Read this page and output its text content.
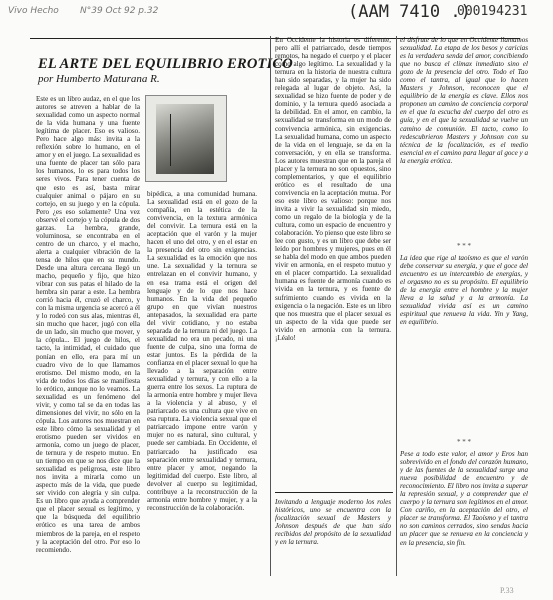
Vivo Hecho N°39 Oct 92 p.32	(AAM 7410 .)
000194231
EL ARTE DEL EQUILIBRIO EROTICO
por Humberto Maturana R.
Este es un libro audaz, en el que los autores se atreven a hablar de la sexualidad como un aspecto normal de la vida humana y una fuente legítima de placer. Eso es valioso. Pero hace algo más: invita a la reflexión sobre lo humano, en el amor y en el juego. La sexualidad es una fuente de placer tan sólo para los humanos, lo es para todos los seres vivos. Para tener cuenta de que esto es así, basta mirar cualquier animal o pájaro en su cortejo, en su juego y en la cópula. Pero ¿es eso solamente? Una vez observé el cortejo y la cópula de dos garzas. La hembra, grande, voluminosa, se encontraba en el centro de un charco, y el macho, alerta a cualquier vibración de la tensa de hilos que en su mundo. Desde una altura cercana llegó un macho, pequeño y fijo, que hizo vibrar con sus patas el hilado de la hembra sin parar a este. La hembra corrió hacia él, cruzó el charco, y con la misma urgencia se acercó a él y lo rodeó con sus alas, mientras él, sin mucho que hacer, jugó con ella de un lado, sin mucho que mover, y la cópula... El juego de hilos, el tacto, la intimidad, el cuidado que ponían en ello, era para mí un cuadro vivo de lo que llamamos erotismo. Del mismo modo, en la vida de todos los días se manifiesta lo erótico, aunque no lo veamos. La sexualidad es un fenómeno del vivir, y como tal se da en todas las dimensiones del vivir, no sólo en la cópula. Los autores nos muestran en este libro cómo la sexualidad y el erotismo pueden ser vividos en armonía, como un juego de placer, de ternura y de respeto mutuo. En un tiempo en que se nos dice que la sexualidad es peligrosa, este libro nos invita a mirarla como un aspecto más de la vida, que puede ser vivido con alegría y sin culpa. Es un libro que ayuda a comprender que el placer sexual es legítimo, y que la búsqueda del equilibrio erótico es una tarea de ambos miembros de la pareja, en el respeto y la aceptación del otro. Por eso lo recomiendo.
bipédica, a una comunidad humana. La sexualidad está en el gozo de la compañía, en la estética de la convivencia, en la textura armónica del convivir. La ternura está en la aceptación que el varón y la mujer hacen el uno del otro, y en el estar en la presencia del otro sin exigencias. La sexualidad es la emoción que nos une. La sexualidad y la ternura se entrelazan en el convivir humano, y en esa trama está el origen del lenguaje y de lo que nos hace humanos. En la vida del pequeño grupo en que vivían nuestros antepasados, la sexualidad era parte del vivir cotidiano, y no estaba separada de la ternura ni del juego. La sexualidad no era un pecado, ni una fuente de culpa, sino una forma de estar juntos. Es la pérdida de la confianza en el placer sexual lo que ha llevado a la separación entre sexualidad y ternura, y con ello a la guerra entre los sexos. La ruptura de la armonía entre hombre y mujer lleva a la violencia y al abuso, y el patriarcado es una cultura que vive en esa ruptura. La violencia sexual que el patriarcado impone entre varón y mujer no es natural, sino cultural, y puede ser cambiada. En Occidente, el patriarcado ha justificado esa separación entre sexualidad y ternura, entre placer y amor, negando la legitimidad del cuerpo. Este libro, al devolver al cuerpo su legitimidad, contribuye a la reconstrucción de la armonía entre hombre y mujer, y a la reconstrucción de la colaboración.
En Occidente la historia es diferente, pero allí el patriarcado, desde tiempos remotos, ha negado el cuerpo y el placer como algo legítimo. La sexualidad y la ternura en la historia de nuestra cultura han sido separadas, y la mujer ha sido relegada al lugar de objeto. Así, la sexualidad se hizo fuente de poder y de dominio, y la ternura quedó asociada a la debilidad. En el amor, en cambio, la sexualidad se transforma en un modo de convivencia armónica, sin exigencias. La sexualidad humana, como un aspecto de la vida en el lenguaje, se da en la conversación, y en ella se transforma. Los autores muestran que en la pareja el placer y la ternura no son opuestos, sino complementarios, y que el equilibrio erótico es el resultado de una convivencia en la aceptación mutua. Por eso este libro es valioso: porque nos invita a vivir la sexualidad sin miedo, como un regalo de la biología y de la cultura, como un espacio de encuentro y colaboración. Yo pienso que este libro se lee con gusto, y es un libro que debe ser leído por hombres y mujeres, pues en él se habla del modo en que ambos pueden vivir en armonía, en el respeto mutuo y en el placer compartido. La sexualidad humana es fuente de armonía cuando es vivida en la ternura, y es fuente de sufrimiento cuando es vivida en la exigencia o la negación. Este es un libro que nos muestra que el placer sexual es un aspecto de la vida que puede ser vivido en armonía con la ternura. ¡Léalo!
Invitando a lenguaje moderno los roles históricos, uno se encuentra con la focalización sexual de Masters y Johnson después de que han sido recibidos del propósito de la sexualidad y en la ternura.
el disfrute de lo que en Occidente llamamos sexualidad. La etapa de los besos y caricias es la verdadera senda del amor, concibiendo que no busca el clímax inmediato sino el gozo de la presencia del otro. Todo el Tao como el tantra, al igual que lo hacen Masters y Johnson, reconocen que el equilibrio de la energía es clave. Ellos nos proponen un camino de conciencia corporal en el que la escucha del cuerpo del otro es guía, y en el que la sexualidad se vuelve un camino de comunión. El tacto, como lo redescubrieron Masters y Johnson con su técnica de la focalización, es el medio esencial en el camino para llegar al goce y a la energía erótica.
* * *
La idea que rige al taoísmo es que el varón debe conservar su energía, y que el goce del encuentro es un intercambio de energías, y el orgasmo no es su propósito. El equilibrio de la energía entre el hombre y la mujer lleva a la salud y a la armonía. La sexualidad vivida así es un camino espiritual que renueva la vida. Yin y Yang, en equilibrio.
* * *
Pese a todo este valor, el amor y Eros han sobrevivido en el fondo del corazón humano, y de las fuentes de la sexualidad surge una nueva posibilidad de encuentro y de reconocimiento. El libro nos invita a superar la represión sexual, y a comprender que el cuerpo y la ternura son legítimos en el amor. Con cariño, en la aceptación del otro, el placer se transforma. El Taoísmo y el tantra no son caminos cerrados, sino sendas hacia un placer que se renueva en la conciencia y en la presencia, sin fin.
P.33
